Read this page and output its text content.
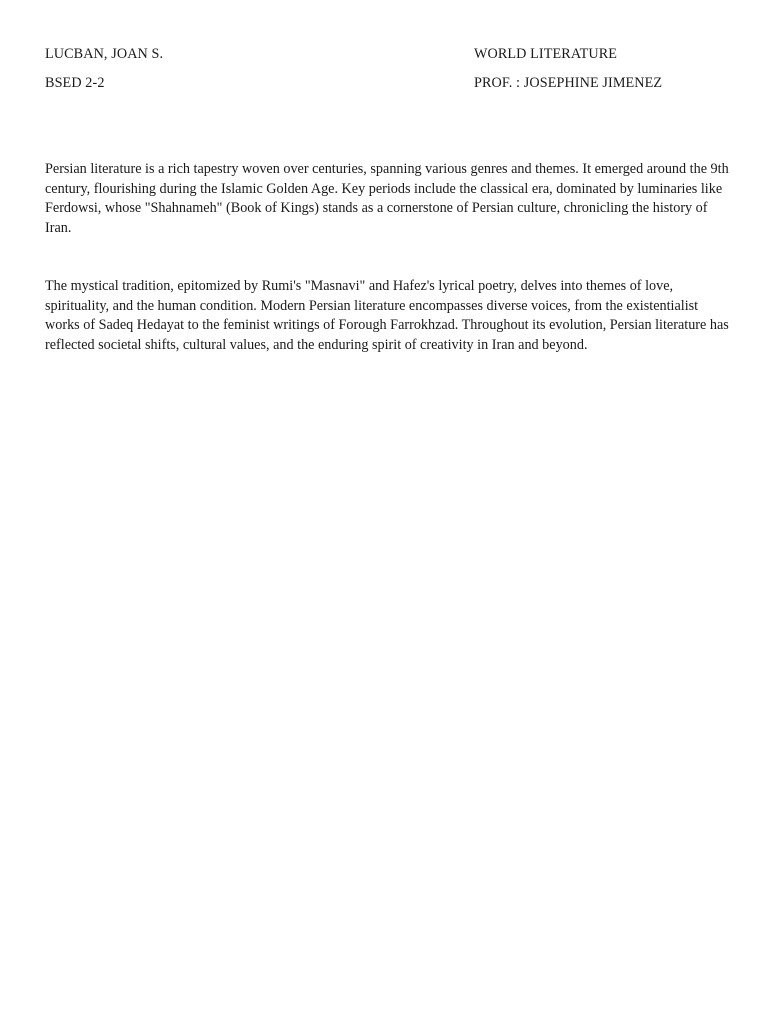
LUCBAN, JOAN S.	WORLD LITERATURE
BSED 2-2	PROF. : JOSEPHINE JIMENEZ

Persian literature is a rich tapestry woven over centuries, spanning various genres and themes. It emerged around the 9th century, flourishing during the Islamic Golden Age. Key periods include the classical era, dominated by luminaries like Ferdowsi, whose "Shahnameh" (Book of Kings) stands as a cornerstone of Persian culture, chronicling the history of Iran.

The mystical tradition, epitomized by Rumi's "Masnavi" and Hafez's lyrical poetry, delves into themes of love, spirituality, and the human condition. Modern Persian literature encompasses diverse voices, from the existentialist works of Sadeq Hedayat to the feminist writings of Forough Farrokhzad. Throughout its evolution, Persian literature has reflected societal shifts, cultural values, and the enduring spirit of creativity in Iran and beyond.
